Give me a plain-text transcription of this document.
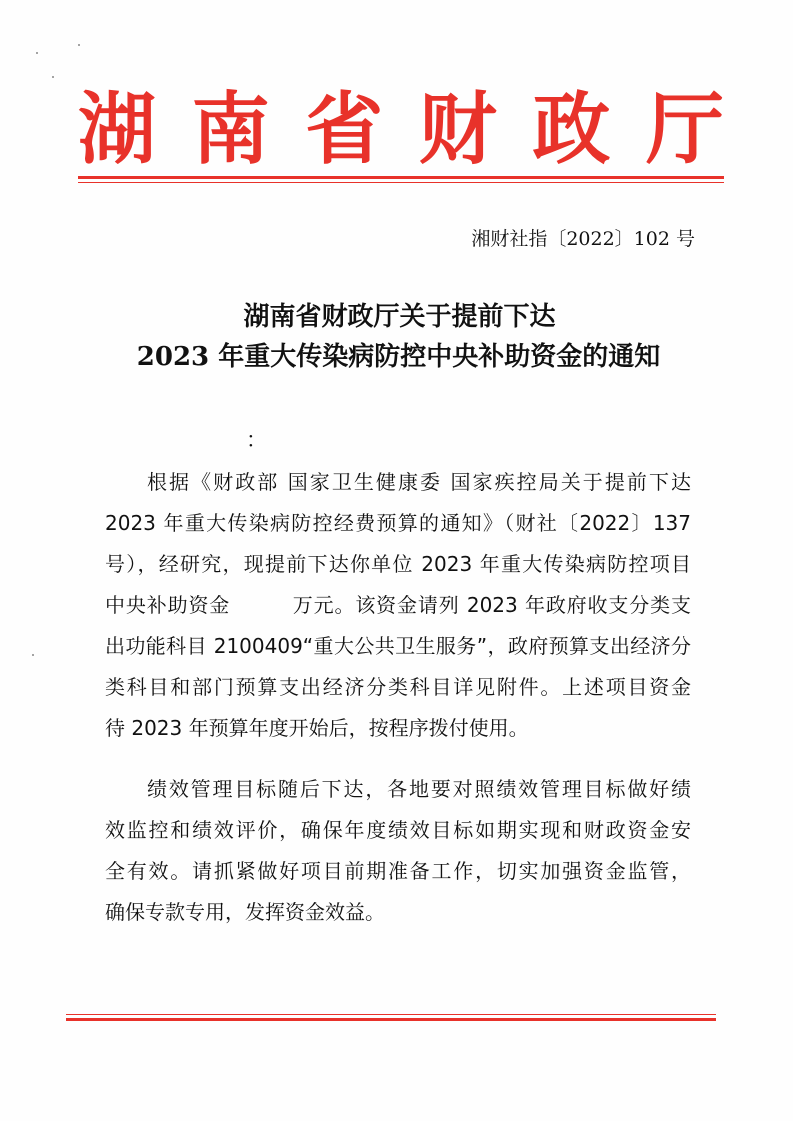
湖 南 省 财 政 厅
湘财社指〔2022〕102 号
湖南省财政厅关于提前下达
2023 年重大传染病防控中央补助资金的通知
：

根据《财政部 国家卫生健康委 国家疾控局关于提前下达

2023 年重大传染病防控经费预算的通知》（财社〔2022〕137

号），经研究，现提前下达你单位 2023 年重大传染病防控项目

中央补助资金　　　万元。该资金请列 2023 年政府收支分类支

出功能科目 2100409“重大公共卫生服务”，政府预算支出经济分

类科目和部门预算支出经济分类科目详见附件。上述项目资金

待 2023 年预算年度开始后，按程序拨付使用。

绩效管理目标随后下达，各地要对照绩效管理目标做好绩

效监控和绩效评价，确保年度绩效目标如期实现和财政资金安

全有效。请抓紧做好项目前期准备工作，切实加强资金监管，

确保专款专用，发挥资金效益。
